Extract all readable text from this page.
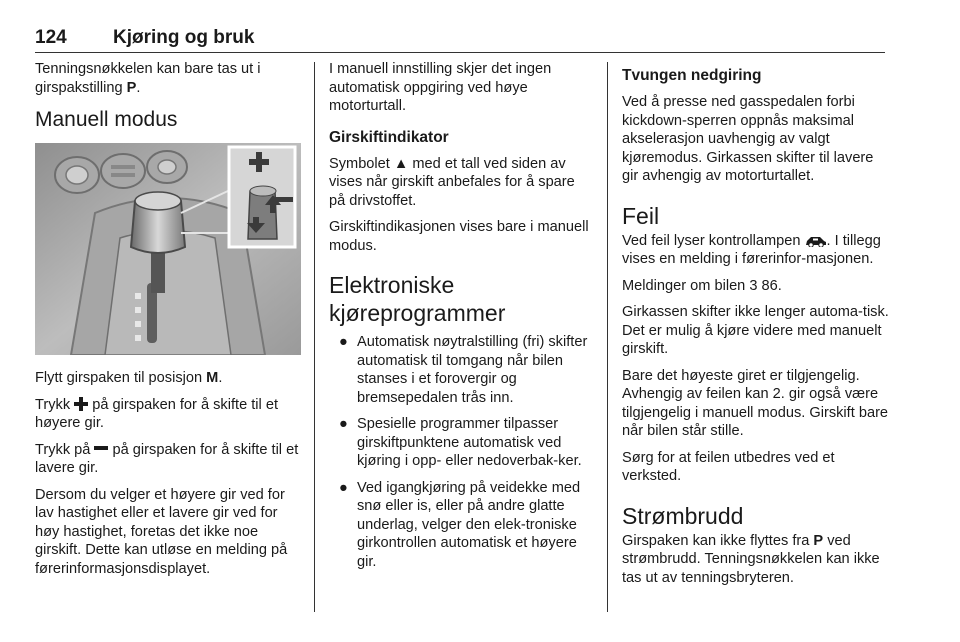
124 Kjøring og bruk

Tenningsnøkkelen kan bare tas ut i girspakstilling P.

Manuell modus

Flytt girspaken til posisjon M.

Trykk  på girspaken for å skifte til et høyere gir.

Trykk på  på girspaken for å skifte til et lavere gir.

Dersom du velger et høyere gir ved for lav hastighet eller et lavere gir ved for høy hastighet, foretas det ikke noe girskift. Dette kan utløse en melding på førerinformasjonsdisplayet.

I manuell innstilling skjer det ingen automatisk oppgiring ved høye motorturtall.

Girskiftindikator

Symbolet ▲ med et tall ved siden av vises når girskift anbefales for å spare på drivstoffet.

Girskiftindikasjonen vises bare i manuell modus.

Elektroniske kjøreprogrammer
● Automatisk nøytralstilling (fri) skifter automatisk til tomgang når bilen stanses i et forovergir og bremsepedalen trås inn.
● Spesielle programmer tilpasser girskiftpunktene automatisk ved kjøring i opp- eller nedoverbak-ker.
● Ved igangkjøring på veidekke med snø eller is, eller på andre glatte underlag, velger den elek-troniske girkontrollen automatisk et høyere gir.
Tvungen nedgiring

Ved å presse ned gasspedalen forbi kickdown-sperren oppnås maksimal akselerasjon uavhengig av valgt kjøremodus. Girkassen skifter til lavere gir avhengig av motorturtallet.

Feil

Ved feil lyser kontrollampen . I tillegg vises en melding i førerinfor-masjonen.

Meldinger om bilen 3 86.

Girkassen skifter ikke lenger automa-tisk. Det er mulig å kjøre videre med manuelt girskift.

Bare det høyeste giret er tilgjengelig. Avhengig av feilen kan 2. gir også være tilgjengelig i manuell modus. Girskift bare når bilen står stille.

Sørg for at feilen utbedres ved et verksted.

Strømbrudd

Girspaken kan ikke flyttes fra P ved strømbrudd. Tenningsnøkkelen kan ikke tas ut av tenningsbryteren.
